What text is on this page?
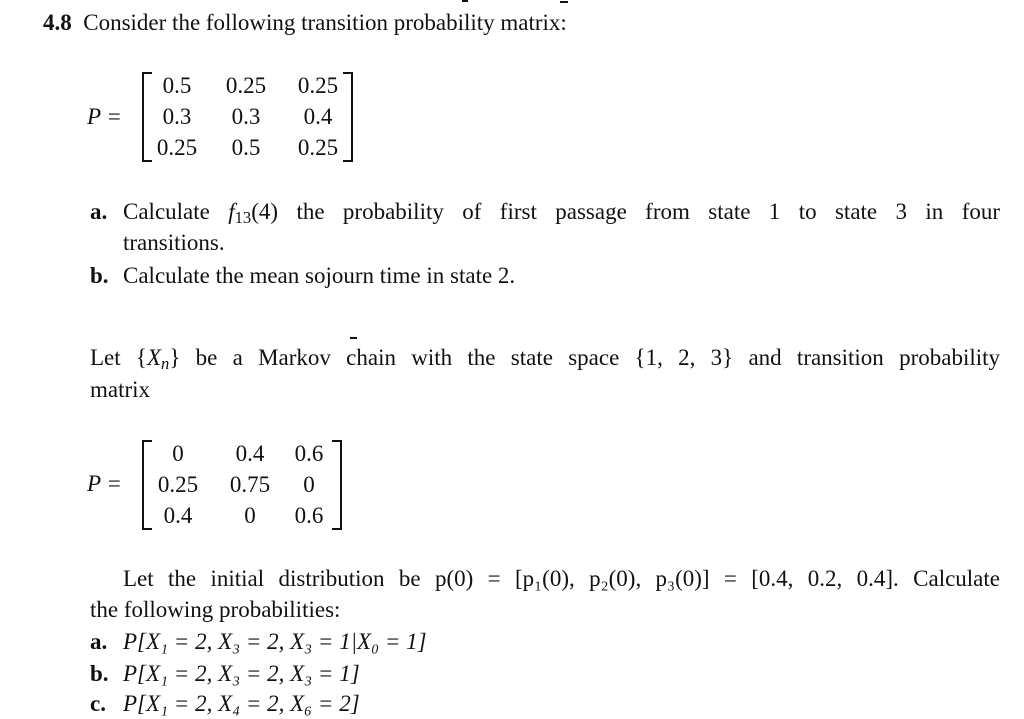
4.8 Consider the following transition probability matrix:
P =
0.5	0.25	0.25
0.3	0.3	0.4
0.25	0.5	0.25
a. Calculate $f_{13}(4)$ the probability of first passage from state 1 to state 3 in four
transitions.
b. Calculate the mean sojourn time in state 2.
Let $\{X_n\}$ be a Markov chain with the state space {1, 2, 3} and transition probability
matrix
P =
0	0.4	0.6
0.25	0.75	0
0.4	0	0.6
Let the initial distribution be p(0) = [p₁(0), p₂(0), p₃(0)] = [0.4, 0.2, 0.4]. Calculate
the following probabilities:
a. P[X₁ = 2, X₃ = 2, X₃ = 1|X₀ = 1]
b. P[X₁ = 2, X₃ = 2, X₃ = 1]
c. P[X₁ = 2, X₄ = 2, X₆ = 2]
